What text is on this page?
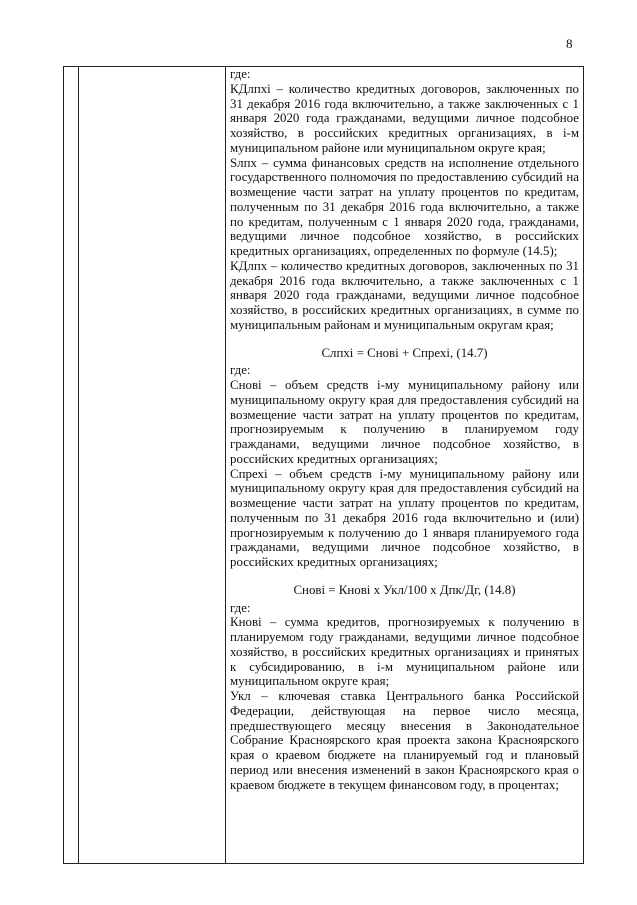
8

где:

КДлпхi – количество кредитных договоров, заключенных по 31 декабря 2016 года включительно, а также заключенных с 1 января 2020 года гражданами, ведущими личное подсобное хозяйство, в российских кредитных организациях, в i-м муниципальном районе или муниципальном округе края;

Sлпх – сумма финансовых средств на исполнение отдельного государственного полномочия по предоставлению субсидий на возмещение части затрат на уплату процентов по кредитам, полученным по 31 декабря 2016 года включительно, а также по кредитам, полученным с 1 января 2020 года, гражданами, ведущими личное подсобное хозяйство, в российских кредитных организациях, определенных по формуле (14.5);

КДлпх – количество кредитных договоров, заключенных по 31 декабря 2016 года включительно, а также заключенных с 1 января 2020 года гражданами, ведущими личное подсобное хозяйство, в российских кредитных организациях, в сумме по муниципальным районам и муниципальным округам края;

Слпхi = Снові + Спрехі, (14.7)

где:

Снові – объем средств i-му муниципальному району или муниципальному округу края для предоставления субсидий на возмещение части затрат на уплату процентов по кредитам, прогнозируемым к получению в планируемом году гражданами, ведущими личное подсобное хозяйство, в российских кредитных организациях;

Спрехi – объем средств i-му муниципальному району или муниципальному округу края для предоставления субсидий на возмещение части затрат на уплату процентов по кредитам, полученным по 31 декабря 2016 года включительно и (или) прогнозируемым к получению до 1 января планируемого года гражданами, ведущими личное подсобное хозяйство, в российских кредитных организациях;

Снові = Кнові x Укл/100 x Дпк/Дг, (14.8)

где:

Кнові – сумма кредитов, прогнозируемых к получению в планируемом году гражданами, ведущими личное подсобное хозяйство, в российских кредитных организациях и принятых к субсидированию, в i-м муниципальном районе или муниципальном округе края;

Укл – ключевая ставка Центрального банка Российской Федерации, действующая на первое число месяца, предшествующего месяцу внесения в Законодательное Собрание Красноярского края проекта закона Красноярского края о краевом бюджете на планируемый год и плановый период или внесения изменений в закон Красноярского края о краевом бюджете в текущем финансовом году, в процентах;
